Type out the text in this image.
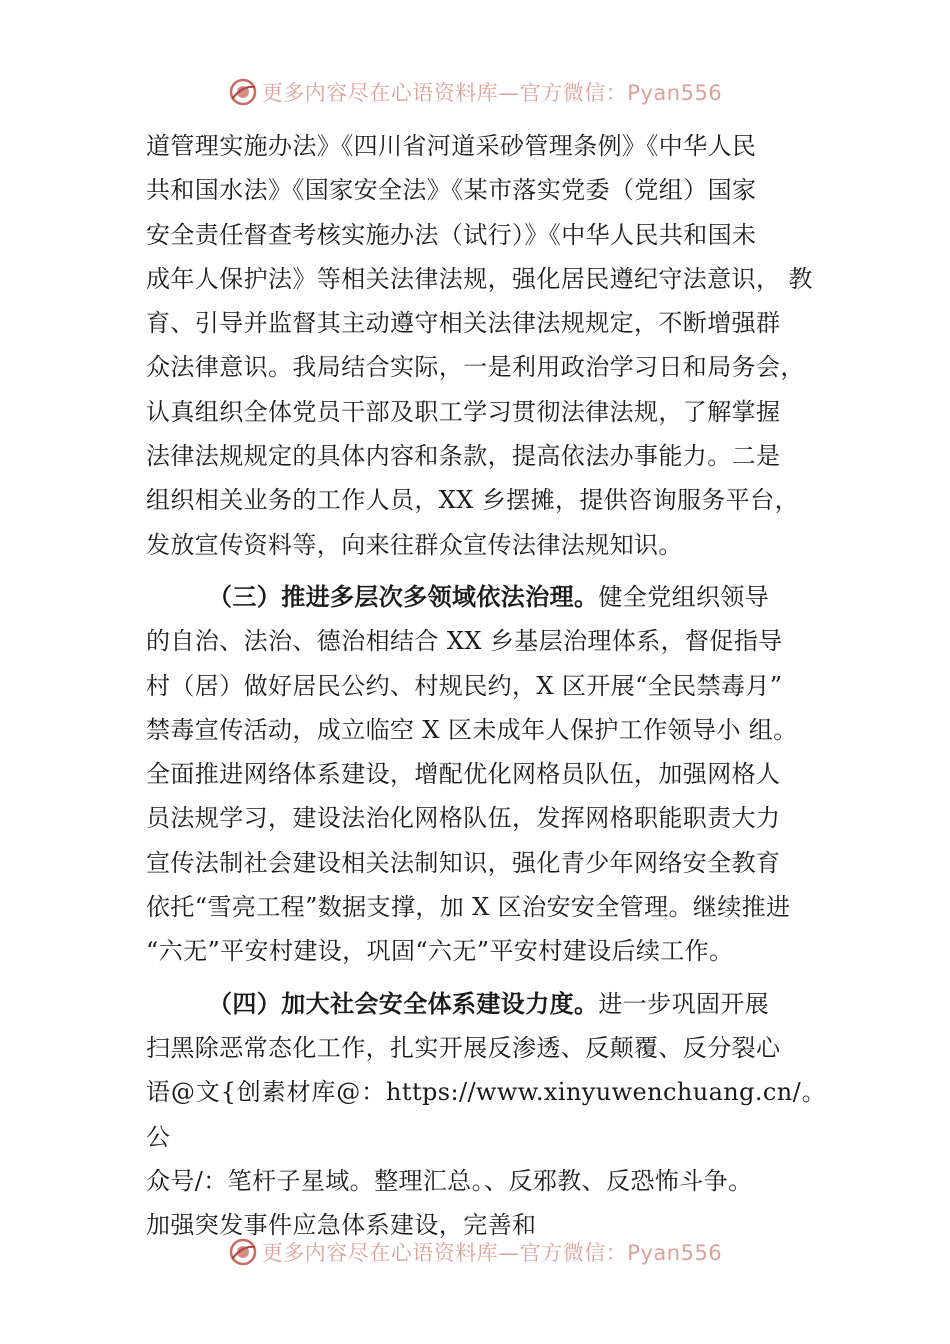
更多内容尽在心语资料库—官方微信：Pyan556

道管理实施办法》《四川省河道采砂管理条例》《中华人民

共和国水法》《国家安全法》《某市落实党委（党组）国家

安全责任督查考核实施办法（试行）》《中华人民共和国未

成年人保护法》等相关法律法规，强化居民遵纪守法意识， 教

育、引导并监督其主动遵守相关法律法规规定，不断增强群

众法律意识。我局结合实际，一是利用政治学习日和局务会，

认真组织全体党员干部及职工学习贯彻法律法规，了解掌握

法律法规规定的具体内容和条款，提高依法办事能力。二是

组织相关业务的工作人员，XX 乡摆摊，提供咨询服务平台，

发放宣传资料等，向来往群众宣传法律法规知识。

（三）推进多层次多领域依法治理。健全党组织领导

的自治、法治、德治相结合 XX 乡基层治理体系，督促指导

村（居）做好居民公约、村规民约，X 区开展“全民禁毒月”

禁毒宣传活动，成立临空 X 区未成年人保护工作领导小 组。

全面推进网络体系建设，增配优化网格员队伍，加强网格人

员法规学习，建设法治化网格队伍，发挥网格职能职责大力

宣传法制社会建设相关法制知识，强化青少年网络安全教育

依托“雪亮工程”数据支撑，加 X 区治安安全管理。继续推进

“六无”平安村建设，巩固“六无”平安村建设后续工作。

（四）加大社会安全体系建设力度。进一步巩固开展

扫黑除恶常态化工作，扎实开展反渗透、反颠覆、反分裂心

语@文{创素材库@：https://www.xinyuwenchuang.cn/。公

众号/：笔杆子星域。整理汇总。、反邪教、反恐怖斗争。

加强突发事件应急体系建设，完善和

更多内容尽在心语资料库—官方微信：Pyan556
